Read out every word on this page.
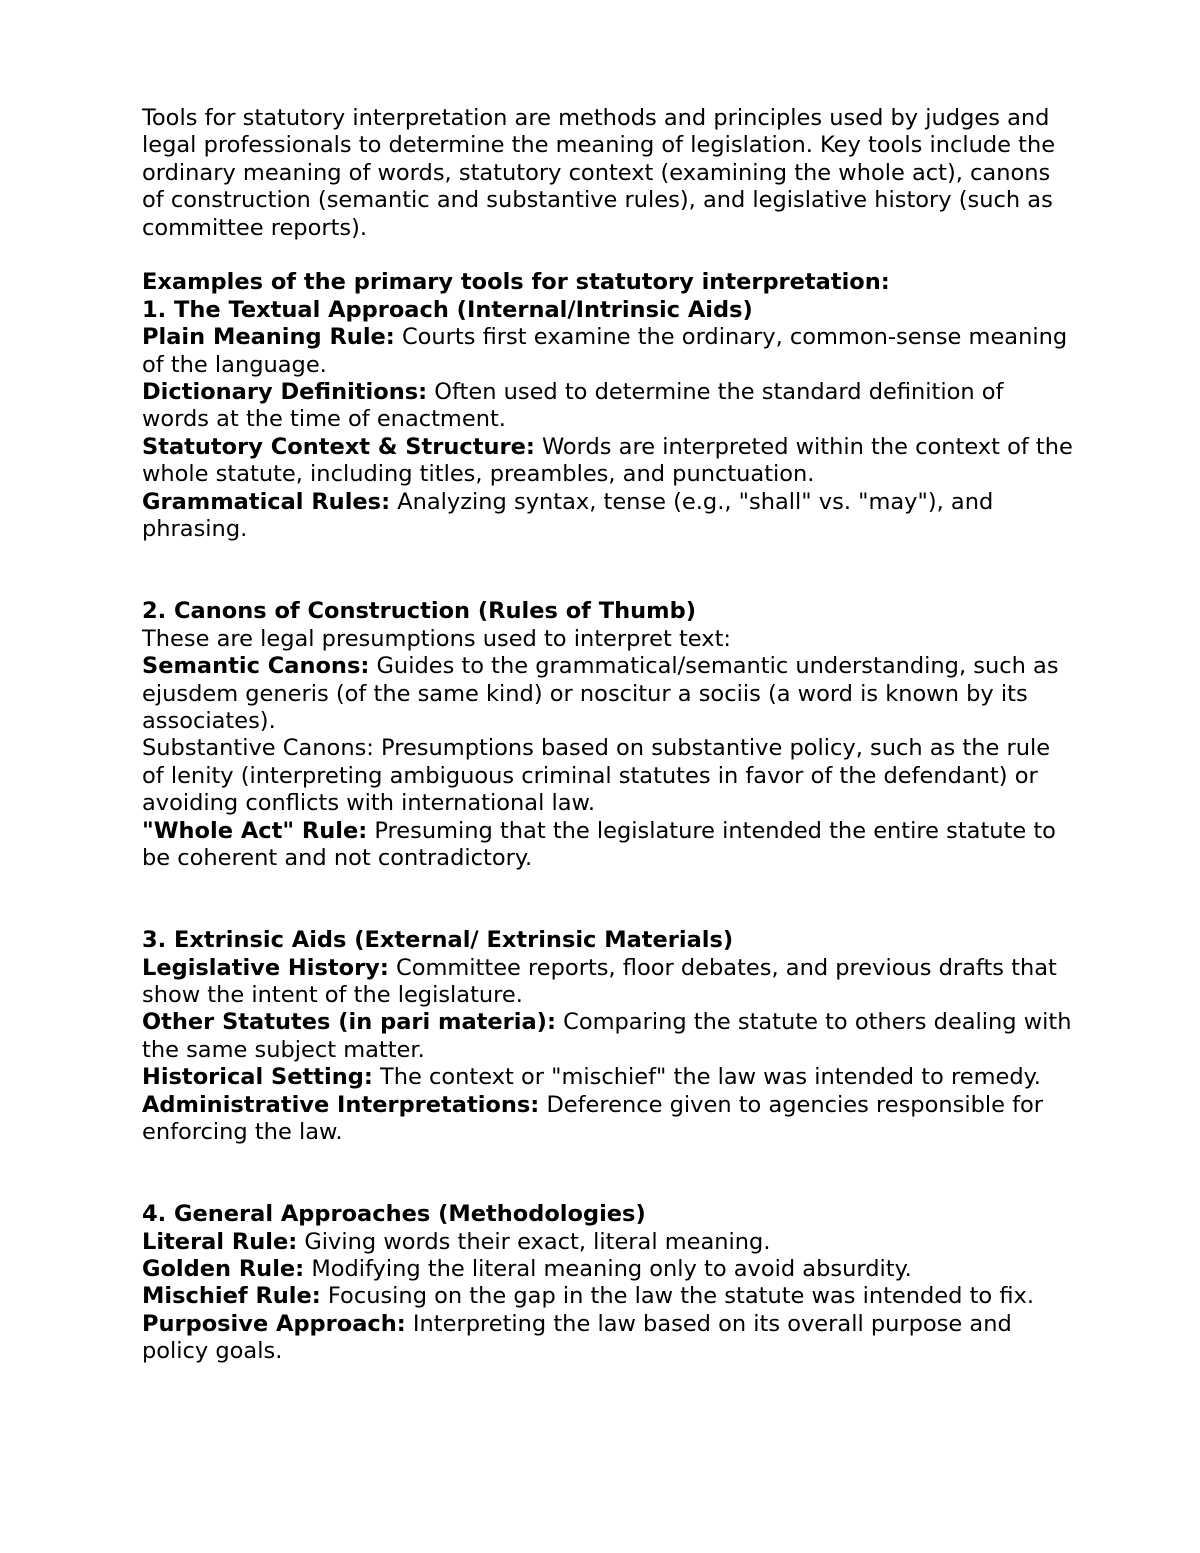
Tools for statutory interpretation are methods and principles used by judges and legal professionals to determine the meaning of legislation. Key tools include the ordinary meaning of words, statutory context (examining the whole act), canons of construction (semantic and substantive rules), and legislative history (such as committee reports).

Examples of the primary tools for statutory interpretation:

1. The Textual Approach (Internal/Intrinsic Aids)

Plain Meaning Rule: Courts first examine the ordinary, common-sense meaning of the language.

Dictionary Definitions: Often used to determine the standard definition of words at the time of enactment.

Statutory Context & Structure: Words are interpreted within the context of the whole statute, including titles, preambles, and punctuation.

Grammatical Rules: Analyzing syntax, tense (e.g., "shall" vs. "may"), and phrasing.

2. Canons of Construction (Rules of Thumb)

These are legal presumptions used to interpret text:

Semantic Canons: Guides to the grammatical/semantic understanding, such as ejusdem generis (of the same kind) or noscitur a sociis (a word is known by its associates).

Substantive Canons: Presumptions based on substantive policy, such as the rule of lenity (interpreting ambiguous criminal statutes in favor of the defendant) or avoiding conflicts with international law.

"Whole Act" Rule: Presuming that the legislature intended the entire statute to be coherent and not contradictory.

3. Extrinsic Aids (External/ Extrinsic Materials)

Legislative History: Committee reports, floor debates, and previous drafts that show the intent of the legislature.

Other Statutes (in pari materia): Comparing the statute to others dealing with the same subject matter.

Historical Setting: The context or "mischief" the law was intended to remedy.

Administrative Interpretations: Deference given to agencies responsible for enforcing the law.

4. General Approaches (Methodologies)

Literal Rule: Giving words their exact, literal meaning.

Golden Rule: Modifying the literal meaning only to avoid absurdity.

Mischief Rule: Focusing on the gap in the law the statute was intended to fix.

Purposive Approach: Interpreting the law based on its overall purpose and policy goals.
